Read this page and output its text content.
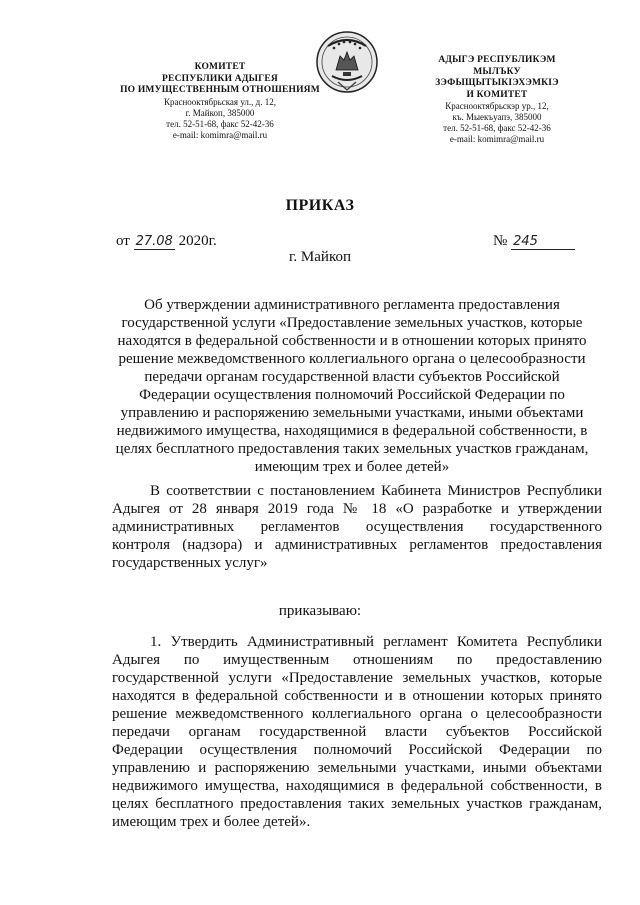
КОМИТЕТ
РЕСПУБЛИКИ АДЫГЕЯ
ПО ИМУЩЕСТВЕННЫМ ОТНОШЕНИЯМ
Краснооктябрьская ул., д. 12,
г. Майкоп, 385000
тел. 52-51-68, факс 52-42-36
e-mail: komimra@mail.ru
АДЫГЭ РЕСПУБЛИКЭМ
МЫЛЪКУ ЗЭФЫЩЫТЫКІЭХЭМКІЭ
И КОМИТЕТ
Краснооктябрьскэр ур., 12,
къ. Мыекъуапэ, 385000
тел. 52-51-68, факс 52-42-36
e-mail: komimra@mail.ru
ПРИКАЗ
от 27.08 2020г.	№ 245
г. Майкоп
Об утверждении административного регламента предоставления
государственной услуги «Предоставление земельных участков, которые
находятся в федеральной собственности и в отношении которых принято
решение межведомственного коллегиального органа о целесообразности
передачи органам государственной власти субъектов Российской
Федерации осуществления полномочий Российской Федерации по
управлению и распоряжению земельными участками, иными объектами
недвижимого имущества, находящимися в федеральной собственности, в
целях бесплатного предоставления таких земельных участков гражданам,
имеющим трех и более детей»
В соответствии с постановлением Кабинета Министров Республики
Адыгея от 28 января 2019 года № 18 «О разработке и утверждении
административных регламентов осуществления государственного
контроля (надзора) и административных регламентов предоставления
государственных услуг»
приказываю:
1. Утвердить Административный регламент Комитета Республики
Адыгея по имущественным отношениям по предоставлению
государственной услуги «Предоставление земельных участков, которые
находятся в федеральной собственности и в отношении которых принято
решение межведомственного коллегиального органа о целесообразности
передачи органам государственной власти субъектов Российской
Федерации осуществления полномочий Российской Федерации по
управлению и распоряжению земельными участками, иными объектами
недвижимого имущества, находящимися в федеральной собственности, в
целях бесплатного предоставления таких земельных участков гражданам,
имеющим трех и более детей».
